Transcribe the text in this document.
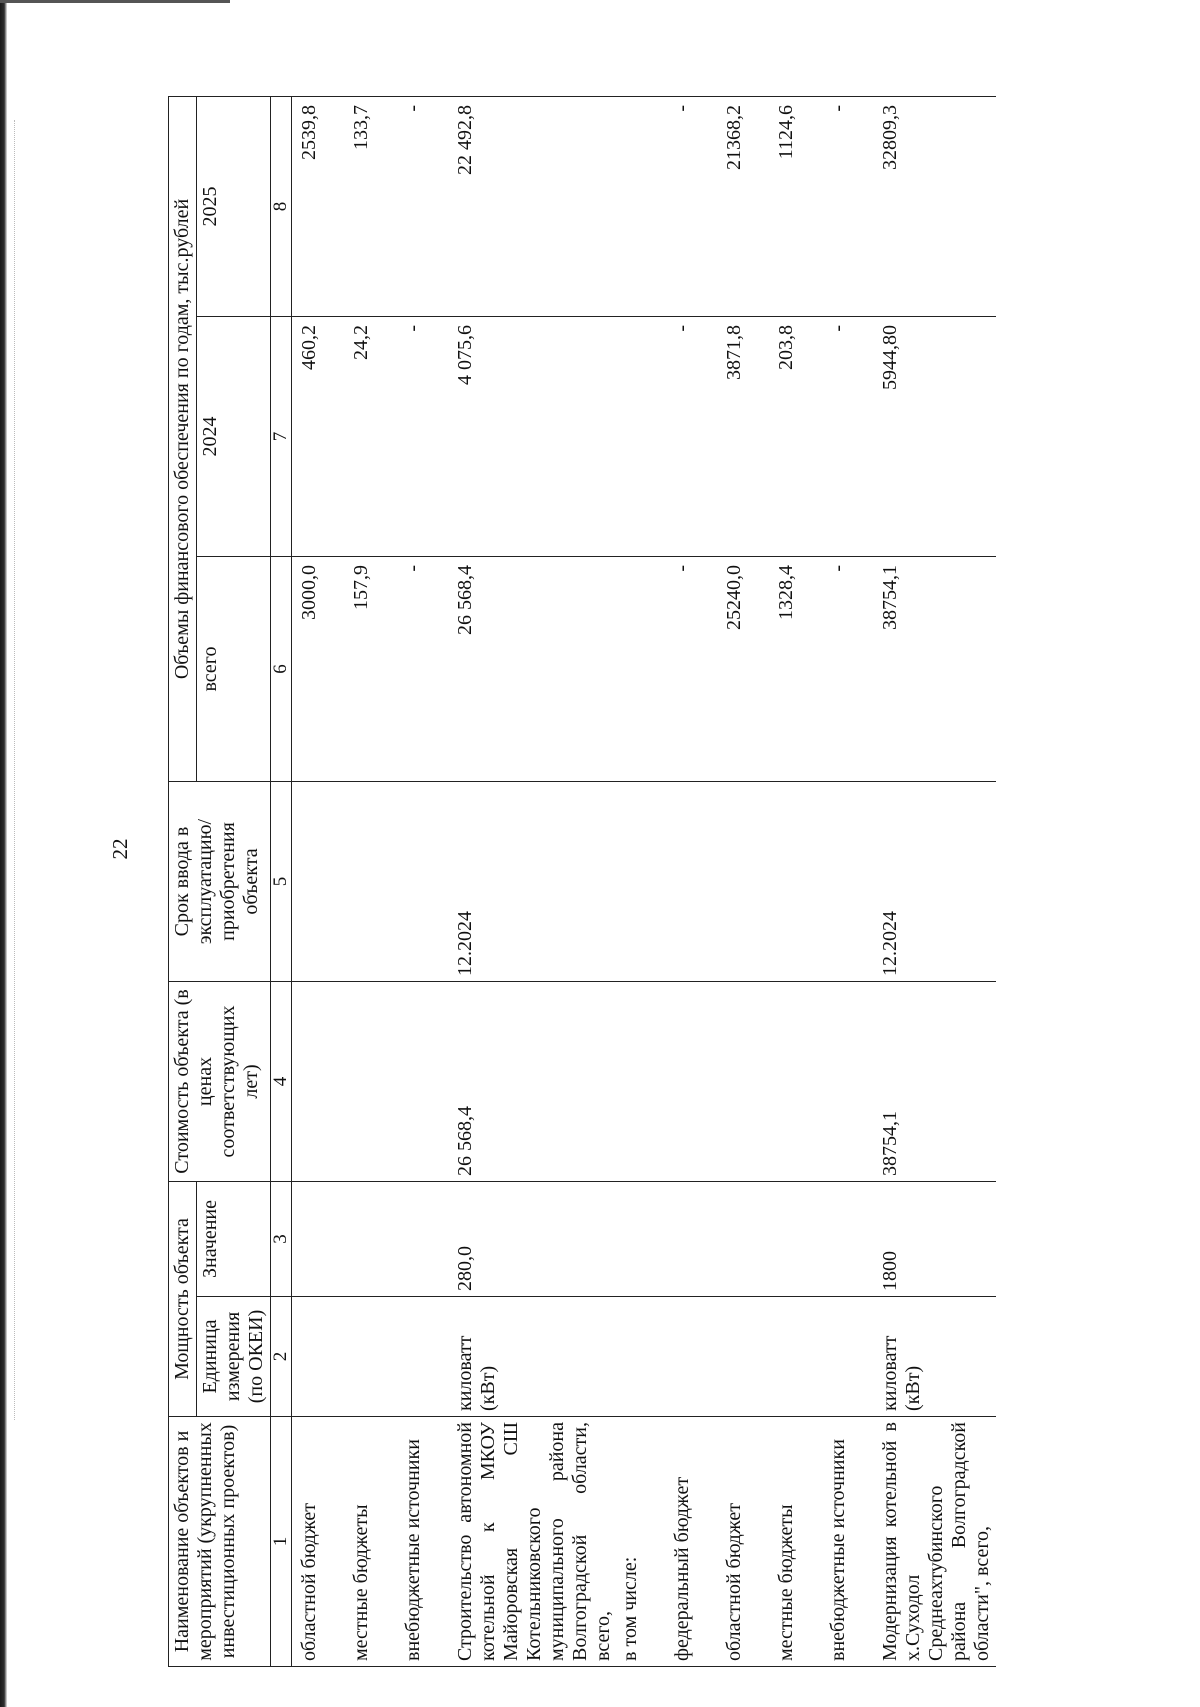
22
Наименование объектов и мероприятий (укрупненных инвестиционных проектов)	Мощность объекта		Стоимость объекта (в ценах соответствующих лет)	Срок ввода в эксплуатацию/ приобретения объекта	Объемы финансового обеспечения по годам, тыс.рублей		
	Единица измерения (по ОКЕИ)	Значение			всего	2024	2025
1	2	3	4	5	6	7	8
областной бюджет					3000,0	460,2	2539,8
местные бюджеты					157,9	24,2	133,7
внебюджетные источники					-	-	-
Строительство автономной котельной к МКОУ Майоровская СШ Котельниковского муниципального района Волгоградской области, всего,	киловатт (кВт)	280,0	26 568,4	12.2024	26 568,4	4 075,6	22 492,8
в том числе:							
федеральный бюджет					-	-	-
областной бюджет					25240,0	3871,8	21368,2
местные бюджеты					1328,4	203,8	1124,6
внебюджетные источники					-	-	-
Модернизация котельной в х.Суходол Среднеахтубинского района Волгоградской области", всего,	киловатт (кВт)	1800	38754,1	12.2024	38754,1	5944,80	32809,3
